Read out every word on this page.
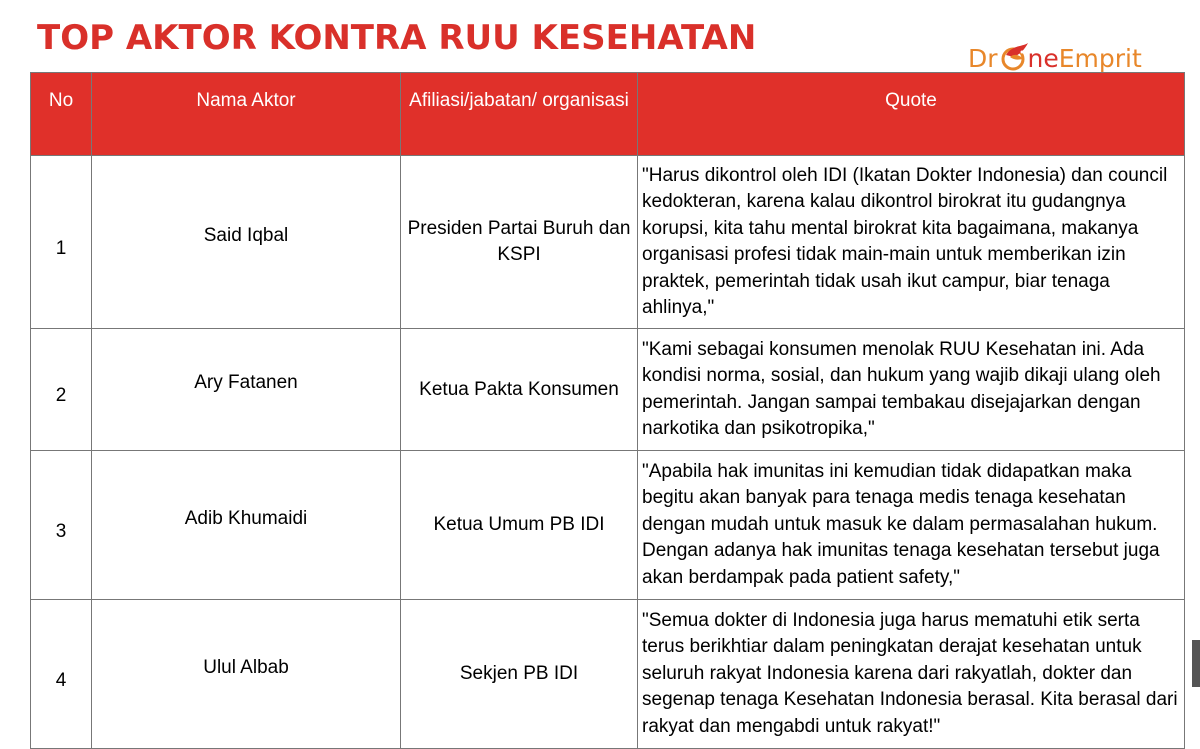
TOP AKTOR KONTRA RUU KESEHATAN	Dr ne Emprit
No	Nama Aktor	Afiliasi/jabatan/ organisasi	Quote
1	Said Iqbal	Presiden Partai Buruh dan KSPI	"Harus dikontrol oleh IDI (Ikatan Dokter Indonesia) dan council kedokteran, karena kalau dikontrol birokrat itu gudangnya korupsi, kita tahu mental birokrat kita bagaimana, makanya organisasi profesi tidak main-main untuk memberikan izin praktek, pemerintah tidak usah ikut campur, biar tenaga ahlinya,"
2	Ary Fatanen	Ketua Pakta Konsumen	"Kami sebagai konsumen menolak RUU Kesehatan ini. Ada kondisi norma, sosial, dan hukum yang wajib dikaji ulang oleh pemerintah. Jangan sampai tembakau disejajarkan dengan narkotika dan psikotropika,"
3	Adib Khumaidi	Ketua Umum PB IDI	"Apabila hak imunitas ini kemudian tidak didapatkan maka begitu akan banyak para tenaga medis tenaga kesehatan dengan mudah untuk masuk ke dalam permasalahan hukum. Dengan adanya hak imunitas tenaga kesehatan tersebut juga akan berdampak pada patient safety,"
4	Ulul Albab	Sekjen PB IDI	"Semua dokter di Indonesia juga harus mematuhi etik serta terus berikhtiar dalam peningkatan derajat kesehatan untuk seluruh rakyat Indonesia karena dari rakyatlah, dokter dan segenap tenaga Kesehatan Indonesia berasal. Kita berasal dari rakyat dan mengabdi untuk rakyat!"
